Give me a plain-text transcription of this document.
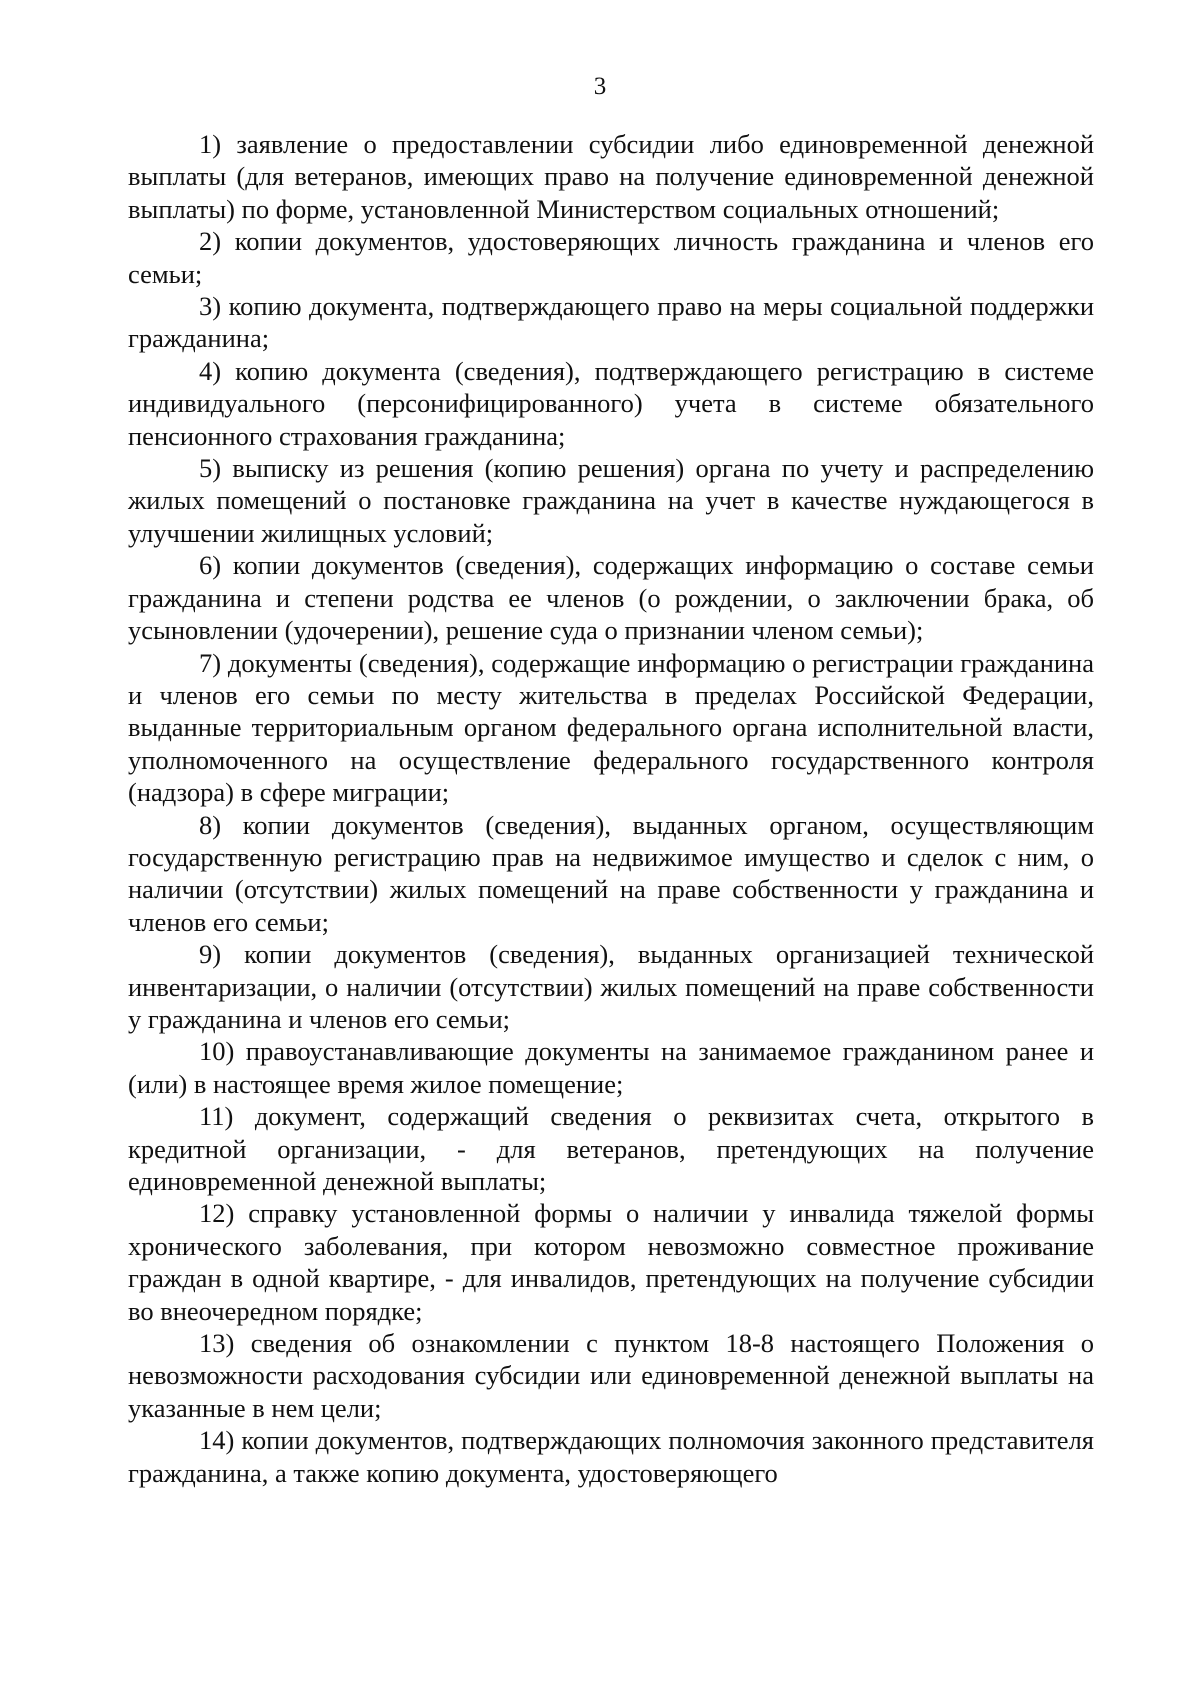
3

1) заявление о предоставлении субсидии либо единовременной денежной выплаты (для ветеранов, имеющих право на получение единовременной денежной выплаты) по форме, установленной Министерством социальных отношений;

2) копии документов, удостоверяющих личность гражданина и членов его семьи;

3) копию документа, подтверждающего право на меры социальной поддержки гражданина;

4) копию документа (сведения), подтверждающего регистрацию в системе индивидуального (персонифицированного) учета в системе обязательного пенсионного страхования гражданина;

5) выписку из решения (копию решения) органа по учету и распределению жилых помещений о постановке гражданина на учет в качестве нуждающегося в улучшении жилищных условий;

6) копии документов (сведения), содержащих информацию о составе семьи гражданина и степени родства ее членов (о рождении, о заключении брака, об усыновлении (удочерении), решение суда о признании членом семьи);

7) документы (сведения), содержащие информацию о регистрации гражданина и членов его семьи по месту жительства в пределах Российской Федерации, выданные территориальным органом федерального органа исполнительной власти, уполномоченного на осуществление федерального государственного контроля (надзора) в сфере миграции;

8) копии документов (сведения), выданных органом, осуществляющим государственную регистрацию прав на недвижимое имущество и сделок с ним, о наличии (отсутствии) жилых помещений на праве собственности у гражданина и членов его семьи;

9) копии документов (сведения), выданных организацией технической инвентаризации, о наличии (отсутствии) жилых помещений на праве собственности у гражданина и членов его семьи;

10) правоустанавливающие документы на занимаемое гражданином ранее и (или) в настоящее время жилое помещение;

11) документ, содержащий сведения о реквизитах счета, открытого в кредитной организации, - для ветеранов, претендующих на получение единовременной денежной выплаты;

12) справку установленной формы о наличии у инвалида тяжелой формы хронического заболевания, при котором невозможно совместное проживание граждан в одной квартире, - для инвалидов, претендующих на получение субсидии во внеочередном порядке;

13) сведения об ознакомлении с пунктом 18-8 настоящего Положения о невозможности расходования субсидии или единовременной денежной выплаты на указанные в нем цели;

14) копии документов, подтверждающих полномочия законного представителя гражданина, а также копию документа, удостоверяющего
